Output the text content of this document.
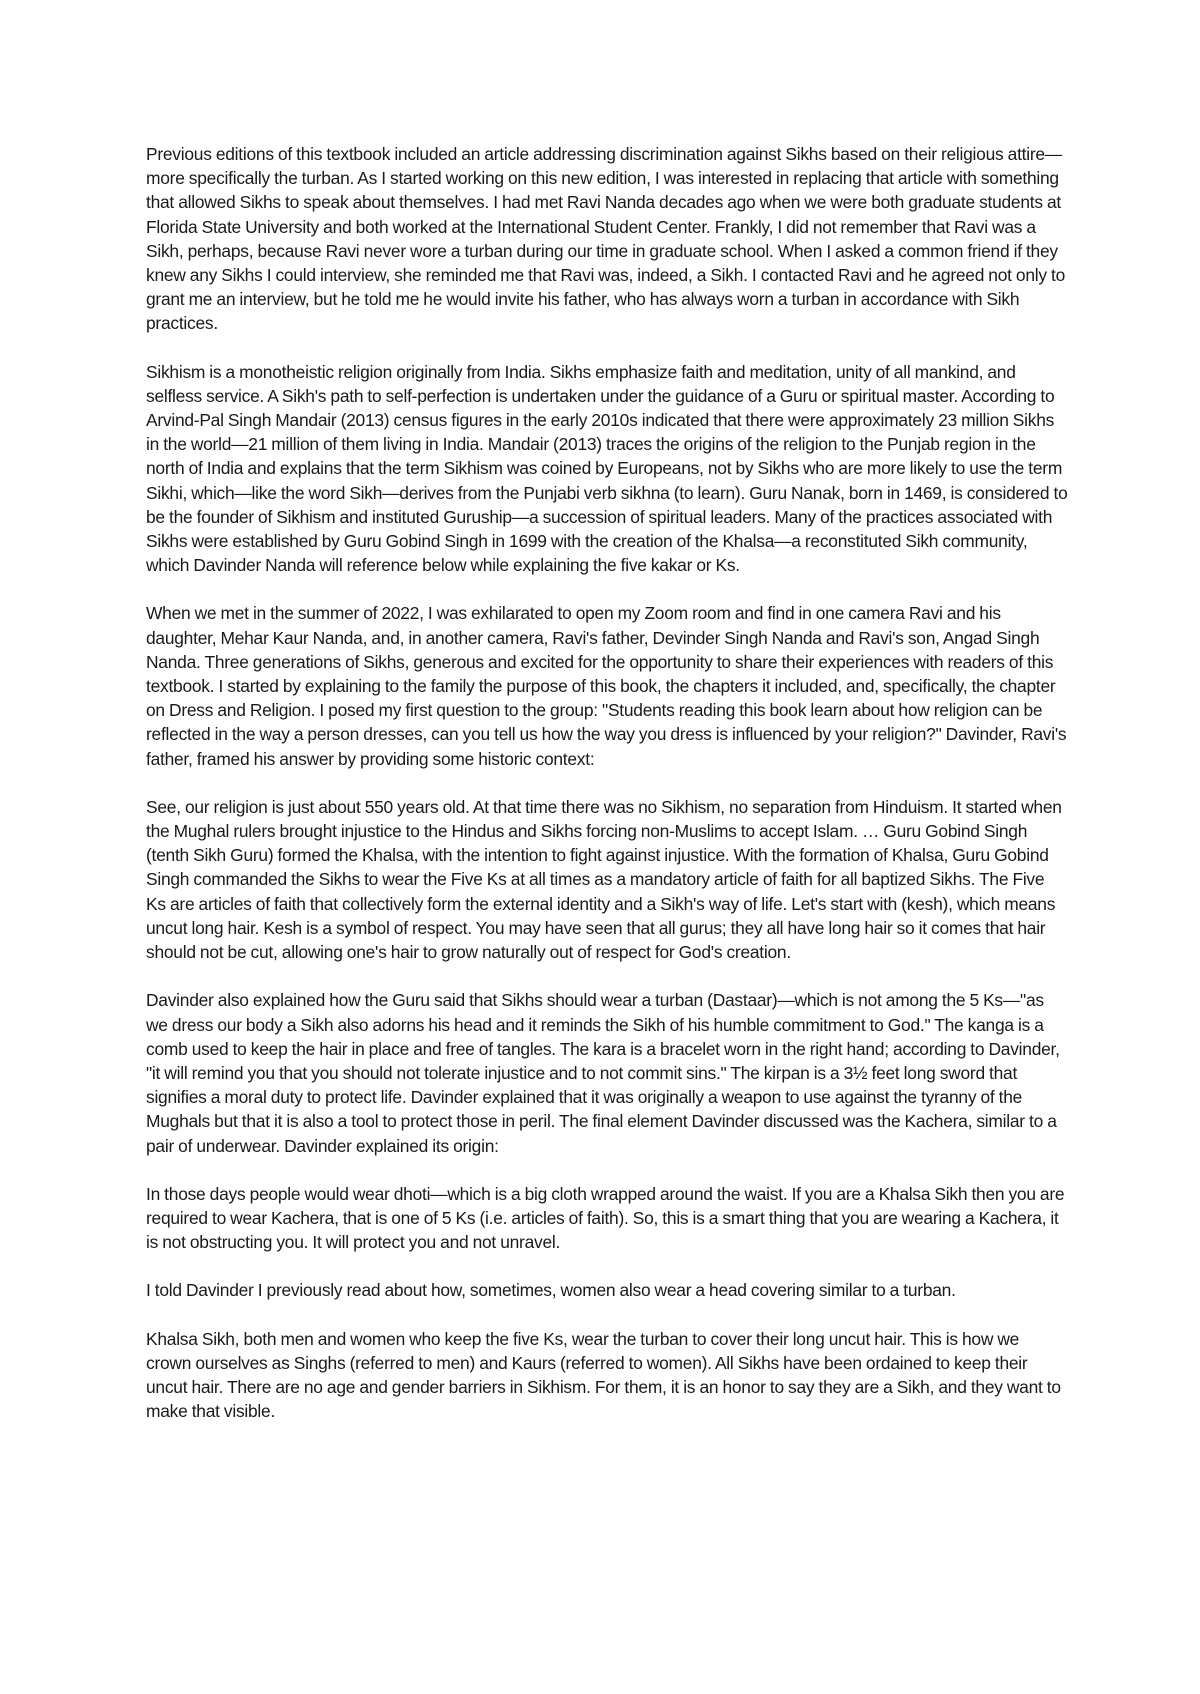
Previous editions of this textbook included an article addressing discrimination against Sikhs based on their religious attire—more specifically the turban. As I started working on this new edition, I was interested in replacing that article with something that allowed Sikhs to speak about themselves. I had met Ravi Nanda decades ago when we were both graduate students at Florida State University and both worked at the International Student Center. Frankly, I did not remember that Ravi was a Sikh, perhaps, because Ravi never wore a turban during our time in graduate school. When I asked a common friend if they knew any Sikhs I could interview, she reminded me that Ravi was, indeed, a Sikh. I contacted Ravi and he agreed not only to grant me an interview, but he told me he would invite his father, who has always worn a turban in accordance with Sikh practices.

Sikhism is a monotheistic religion originally from India. Sikhs emphasize faith and meditation, unity of all mankind, and selfless service. A Sikh's path to self-perfection is undertaken under the guidance of a Guru or spiritual master. According to Arvind-Pal Singh Mandair (2013) census figures in the early 2010s indicated that there were approximately 23 million Sikhs in the world—21 million of them living in India. Mandair (2013) traces the origins of the religion to the Punjab region in the north of India and explains that the term Sikhism was coined by Europeans, not by Sikhs who are more likely to use the term Sikhi, which—like the word Sikh—derives from the Punjabi verb sikhna (to learn). Guru Nanak, born in 1469, is considered to be the founder of Sikhism and instituted Guruship—a succession of spiritual leaders. Many of the practices associated with Sikhs were established by Guru Gobind Singh in 1699 with the creation of the Khalsa—a reconstituted Sikh community, which Davinder Nanda will reference below while explaining the five kakar or Ks.

When we met in the summer of 2022, I was exhilarated to open my Zoom room and find in one camera Ravi and his daughter, Mehar Kaur Nanda, and, in another camera, Ravi's father, Devinder Singh Nanda and Ravi's son, Angad Singh Nanda. Three generations of Sikhs, generous and excited for the opportunity to share their experiences with readers of this textbook. I started by explaining to the family the purpose of this book, the chapters it included, and, specifically, the chapter on Dress and Religion. I posed my first question to the group: "Students reading this book learn about how religion can be reflected in the way a person dresses, can you tell us how the way you dress is influenced by your religion?" Davinder, Ravi's father, framed his answer by providing some historic context:

See, our religion is just about 550 years old. At that time there was no Sikhism, no separation from Hinduism. It started when the Mughal rulers brought injustice to the Hindus and Sikhs forcing non-Muslims to accept Islam. … Guru Gobind Singh (tenth Sikh Guru) formed the Khalsa, with the intention to fight against injustice. With the formation of Khalsa, Guru Gobind Singh commanded the Sikhs to wear the Five Ks at all times as a mandatory article of faith for all baptized Sikhs. The Five Ks are articles of faith that collectively form the external identity and a Sikh's way of life. Let's start with (kesh), which means uncut long hair. Kesh is a symbol of respect. You may have seen that all gurus; they all have long hair so it comes that hair should not be cut, allowing one's hair to grow naturally out of respect for God's creation.

Davinder also explained how the Guru said that Sikhs should wear a turban (Dastaar)—which is not among the 5 Ks—"as we dress our body a Sikh also adorns his head and it reminds the Sikh of his humble commitment to God." The kanga is a comb used to keep the hair in place and free of tangles. The kara is a bracelet worn in the right hand; according to Davinder, "it will remind you that you should not tolerate injustice and to not commit sins." The kirpan is a 3½ feet long sword that signifies a moral duty to protect life. Davinder explained that it was originally a weapon to use against the tyranny of the Mughals but that it is also a tool to protect those in peril. The final element Davinder discussed was the Kachera, similar to a pair of underwear. Davinder explained its origin:

In those days people would wear dhoti—which is a big cloth wrapped around the waist. If you are a Khalsa Sikh then you are required to wear Kachera, that is one of 5 Ks (i.e. articles of faith). So, this is a smart thing that you are wearing a Kachera, it is not obstructing you. It will protect you and not unravel.

I told Davinder I previously read about how, sometimes, women also wear a head covering similar to a turban.

Khalsa Sikh, both men and women who keep the five Ks, wear the turban to cover their long uncut hair. This is how we crown ourselves as Singhs (referred to men) and Kaurs (referred to women). All Sikhs have been ordained to keep their uncut hair. There are no age and gender barriers in Sikhism. For them, it is an honor to say they are a Sikh, and they want to make that visible.
